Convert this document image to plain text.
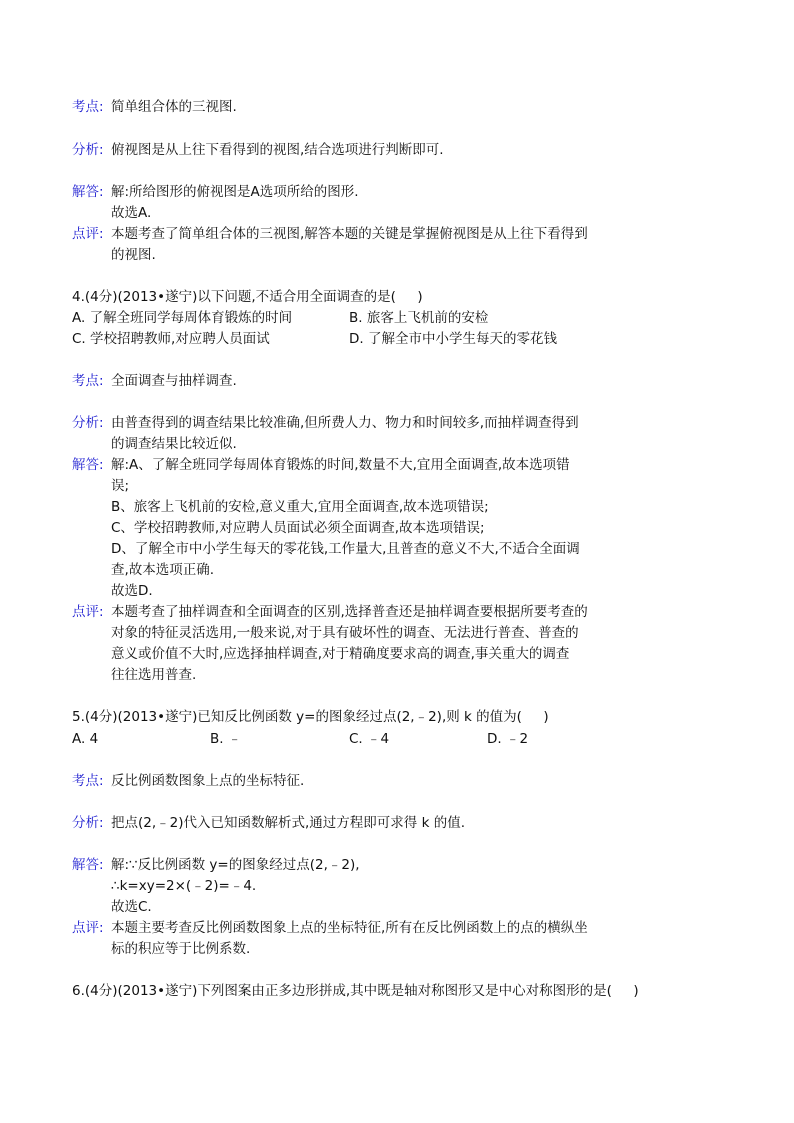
考点: 简单组合体的三视图.
分析: 俯视图是从上往下看得到的视图,结合选项进行判断即可.
解答: 解:所给图形的俯视图是A选项所给的图形.
故选A.
点评: 本题考查了简单组合体的三视图,解答本题的关键是掌握俯视图是从上往下看得到
的视图.
4.(4分)(2013•遂宁)以下问题,不适合用全面调查的是(     )
A. 了解全班同学每周体育锻炼的时间	B. 旅客上飞机前的安检
C. 学校招聘教师,对应聘人员面试	D. 了解全市中小学生每天的零花钱
考点: 全面调查与抽样调查.
分析: 由普查得到的调查结果比较准确,但所费人力、物力和时间较多,而抽样调查得到
的调查结果比较近似.
解答: 解:A、了解全班同学每周体育锻炼的时间,数量不大,宜用全面调查,故本选项错
误;
B、旅客上飞机前的安检,意义重大,宜用全面调查,故本选项错误;
C、学校招聘教师,对应聘人员面试必须全面调查,故本选项错误;
D、了解全市中小学生每天的零花钱,工作量大,且普查的意义不大,不适合全面调
查,故本选项正确.
故选D.
点评: 本题考查了抽样调查和全面调查的区别,选择普查还是抽样调查要根据所要考查的
对象的特征灵活选用,一般来说,对于具有破坏性的调查、无法进行普查、普查的
意义或价值不大时,应选择抽样调查,对于精确度要求高的调查,事关重大的调查
往往选用普查.
5.(4分)(2013•遂宁)已知反比例函数 y=的图象经过点(2,﹣2),则 k 的值为(     )
A. 4	B. ﹣	C. ﹣4	D. ﹣2
考点: 反比例函数图象上点的坐标特征.
分析: 把点(2,﹣2)代入已知函数解析式,通过方程即可求得 k 的值.
解答: 解:∵反比例函数 y=的图象经过点(2,﹣2),
∴k=xy=2×(﹣2)=﹣4.
故选C.
点评: 本题主要考查反比例函数图象上点的坐标特征,所有在反比例函数上的点的横纵坐
标的积应等于比例系数.
6.(4分)(2013•遂宁)下列图案由正多边形拼成,其中既是轴对称图形又是中心对称图形的是(     )
